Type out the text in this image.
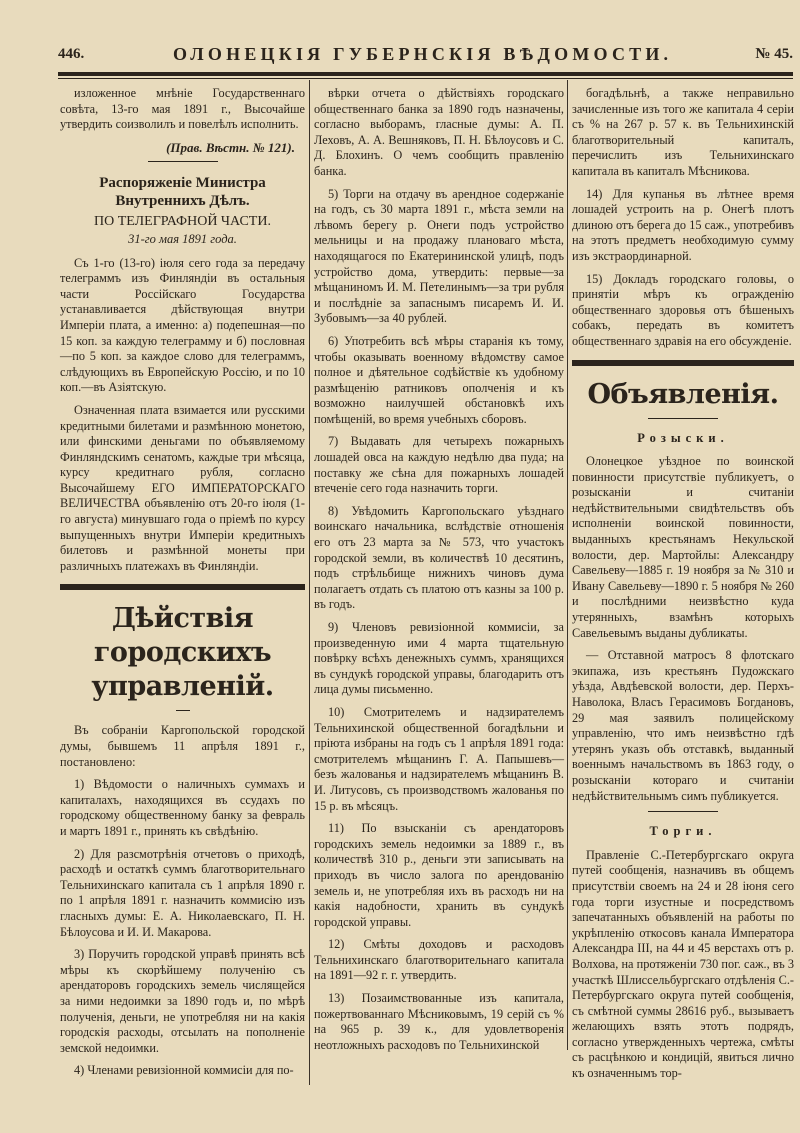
446.	ОЛОНЕЦКІЯ ГУБЕРНСКІЯ ВѢДОМОСТИ.	№ 45.

изложенное мнѣніе Государственнаго совѣта, 13-го мая 1891 г., Высочайше утвердить соизволилъ и повелѣлъ исполнить.

(Прав. Вѣстн. № 121).

Распоряженіе Министра Внутреннихъ Дѣлъ.

ПО ТЕЛЕГРАФНОЙ ЧАСТИ.

31-го мая 1891 года.

Съ 1-го (13-го) іюля сего года за передачу телеграммъ изъ Финляндіи въ остальныя части Россійскаго Государства устанавливается дѣйствующая внутри Имперіи плата, а именно: а) подепешная—по 15 коп. за каждую телеграмму и б) пословная—по 5 коп. за каждое слово для телеграммъ, слѣдующихъ въ Европейскую Россію, и по 10 коп.—въ Азіятскую.

Означенная плата взимается или русскими кредитными билетами и размѣнною монетою, или финскими деньгами по объявляемому Финляндскимъ сенатомъ, каждые три мѣсяца, курсу кредитнаго рубля, согласно Высочайшему ЕГО ИМПЕРАТОРСКАГО ВЕЛИЧЕСТВА объявленію отъ 20-го іюля (1-го августа) минувшаго года о пріемѣ по курсу выпущенныхъ внутри Имперіи кредитныхъ билетовъ и размѣнной монеты при различныхъ платежахъ въ Финляндіи.

Дѣйствія городскихъ управленій.

Въ собраніи Каргопольской городской думы, бывшемъ 11 апрѣля 1891 г., постановлено:

1) Вѣдомости о наличныхъ суммахъ и капиталахъ, находящихся въ ссудахъ по городскому общественному банку за февраль и мартъ 1891 г., принять къ свѣдѣнію.

2) Для разсмотрѣнія отчетовъ о приходѣ, расходѣ и остаткѣ суммъ благотворительнаго Тельнихинскаго капитала съ 1 апрѣля 1890 г. по 1 апрѣля 1891 г. назначить коммисію изъ гласныхъ думы: Е. А. Николаевскаго, П. Н. Бѣлоусова и И. И. Макарова.

3) Поручить городской управѣ принять всѣ мѣры къ скорѣйшему полученію съ арендаторовъ городскихъ земель числящейся за ними недоимки за 1890 годъ и, по мѣрѣ полученія, деньги, не употребляя ни на какія городскія расходы, отсылать на пополненіе земской недоимки.

4) Членами ревизіонной коммисіи для по-

вѣрки отчета о дѣйствіяхъ городскаго общественнаго банка за 1890 годъ назначены, согласно выборамъ, гласные думы: А. П. Леховъ, А. А. Вешняковъ, П. Н. Бѣлоусовъ и С. Д. Блохинъ. О чемъ сообщить правленію банка.

5) Торги на отдачу въ арендное содержаніе на годъ, съ 30 марта 1891 г., мѣста земли на лѣвомъ берегу р. Онеги подъ устройство мельницы и на продажу плановаго мѣста, находящагося по Екатерининской улицѣ, подъ устройство дома, утвердить: первые—за мѣщаниномъ И. М. Петелинымъ—за три рубля и послѣдніе за запаснымъ писаремъ И. И. Зубовымъ—за 40 рублей.

6) Употребить всѣ мѣры старанія къ тому, чтобы оказывать военному вѣдомству самое полное и дѣятельное содѣйствіе къ удобному размѣщенію ратниковъ ополченія и къ возможно наилучшей обстановкѣ ихъ помѣщеній, во время учебныхъ сборовъ.

7) Выдавать для четырехъ пожарныхъ лошадей овса на каждую недѣлю два пуда; на поставку же сѣна для пожарныхъ лошадей втеченіе сего года назначить торги.

8) Увѣдомить Каргопольскаго уѣзднаго воинскаго начальника, вслѣдствіе отношенія его отъ 23 марта за № 573, что участокъ городской земли, въ количествѣ 10 десятинъ, подъ стрѣльбище нижнихъ чиновъ дума полагаетъ отдать съ платою отъ казны за 100 р. въ годъ.

9) Членовъ ревизіонной коммисіи, за произведенную ими 4 марта тщательную повѣрку всѣхъ денежныхъ суммъ, хранящихся въ сундукѣ городской управы, благодарить отъ лица думы письменно.

10) Смотрителемъ и надзирателемъ Тельнихинской общественной богадѣльни и пріюта избраны на годъ съ 1 апрѣля 1891 года: смотрителемъ мѣщанинъ Г. А. Папышевъ—безъ жалованья и надзирателемъ мѣщанинъ В. И. Литусовъ, съ производствомъ жалованья по 15 р. въ мѣсяцъ.

11) По взысканіи съ арендаторовъ городскихъ земель недоимки за 1889 г., въ количествѣ 310 р., деньги эти записывать на приходъ въ число залога по арендованію земель и, не употребляя ихъ въ расходъ ни на какія надобности, хранить въ сундукѣ городской управы.

12) Смѣты доходовъ и расходовъ Тельнихинскаго благотворительнаго капитала на 1891—92 г. г. утвердить.

13) Позаимствованные изъ капитала, пожертвованнаго Мѣсниковымъ, 19 серій съ % на 965 р. 39 к., для удовлетворенія неотложныхъ расходовъ по Тельнихинской

богадѣльнѣ, а также неправильно зачисленные изъ того же капитала 4 серіи съ % на 267 р. 57 к. въ Тельнихинскій благотворительный капиталъ, перечислить изъ Тельнихинскаго капитала въ капиталъ Мѣсникова.

14) Для купанья въ лѣтнее время лошадей устроить на р. Онегѣ плотъ длиною отъ берега до 15 саж., употребивъ на этотъ предметъ необходимую сумму изъ экстраординарной.

15) Докладъ городскаго головы, о принятіи мѣръ къ огражденію общественнаго здоровья отъ бѣшеныхъ собакъ, передать въ комитетъ общественнаго здравія на его обсужденіе.

Объявленія.

Розыски.

Олонецкое уѣздное по воинской повинности присутствіе публикуетъ, о розыскaніи и считаніи недѣйствительными свидѣтельствъ объ исполненіи воинской повинности, выданныхъ крестьянамъ Некульской волости, дер. Мартойлы: Александру Савельеву—1885 г. 19 ноября за № 310 и Ивану Савельеву—1890 г. 5 ноября № 260 и послѣдними неизвѣстно куда утерянныхъ, взамѣнъ которыхъ Савельевымъ выданы дубликаты.

— Отставной матросъ 8 флотскаго экипажа, изъ крестьянъ Пудожскаго уѣзда, Авдѣевской волости, дер. Перхъ-Наволока, Власъ Герасимовъ Богдановъ, 29 мая заявилъ полицейскому управленію, что имъ неизвѣстно гдѣ утерянъ указъ объ отставкѣ, выданный военнымъ начальствомъ въ 1863 году, о розысканіи котораго и считаніи недѣйствительнымъ симъ публикуется.

Торги.

Правленіе С.-Петербургскаго округа путей сообщенія, назначивъ въ общемъ присутствіи своемъ на 24 и 28 іюня сего года торги изустные и посредствомъ запечатанныхъ объявленій на работы по укрѣпленію откосовъ канала Императора Александра III, на 44 и 45 верстахъ отъ р. Волхова, на протяженіи 730 пог. саж., въ 3 участкѣ Шлиссельбургскаго отдѣленія С.-Петербургскаго округа путей сообщенія, съ смѣтной суммы 28616 руб., вызываетъ желающихъ взять этотъ подрядъ, согласно утвержденныхъ чертежа, смѣты съ расцѣнкою и кондицій, явиться лично къ означеннымъ тор-
